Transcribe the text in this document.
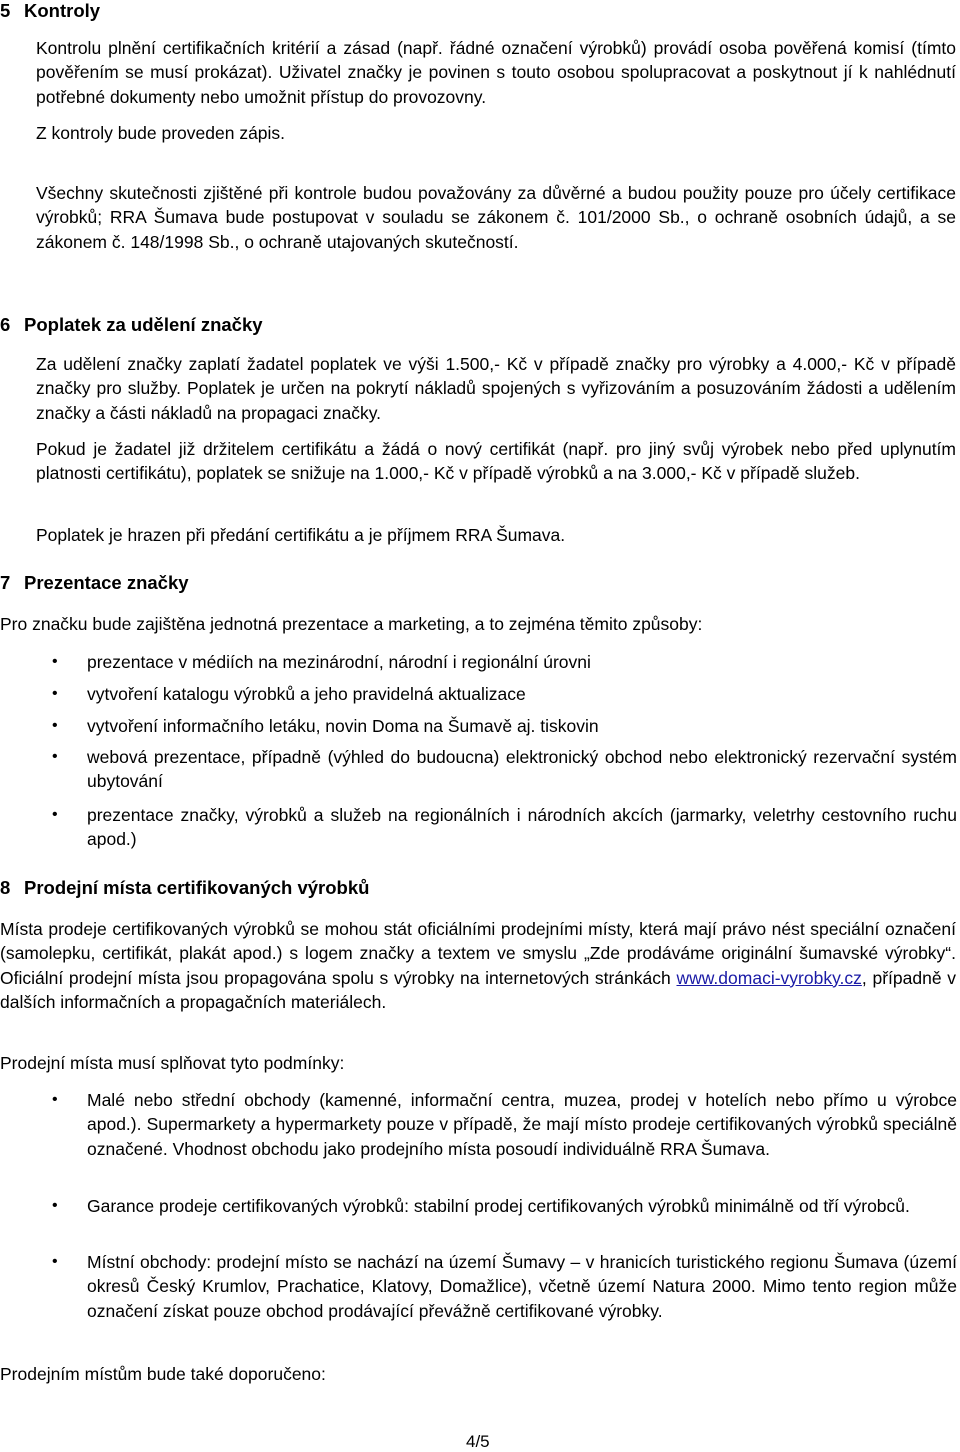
5 Kontroly

Kontrolu plnění certifikačních kritérií a zásad (např. řádné označení výrobků) provádí osoba pověřená komisí (tímto pověřením se musí prokázat). Uživatel značky je povinen s touto osobou spolupracovat a poskytnout jí k nahlédnutí potřebné dokumenty nebo umožnit přístup do provozovny.

Z kontroly bude proveden zápis.

Všechny skutečnosti zjištěné při kontrole budou považovány za důvěrné a budou použity pouze pro účely certifikace výrobků; RRA Šumava bude postupovat v souladu se zákonem č. 101/2000 Sb., o ochraně osobních údajů, a se zákonem č. 148/1998 Sb., o ochraně utajovaných skutečností.

6 Poplatek za udělení značky

Za udělení značky zaplatí žadatel poplatek ve výši 1.500,- Kč v případě značky pro výrobky a 4.000,- Kč v případě značky pro služby. Poplatek je určen na pokrytí nákladů spojených s vyřizováním a posuzováním žádosti a udělením značky a části nákladů na propagaci značky.

Pokud je žadatel již držitelem certifikátu a žádá o nový certifikát (např. pro jiný svůj výrobek nebo před uplynutím platnosti certifikátu), poplatek se snižuje na 1.000,- Kč v případě výrobků a na 3.000,- Kč v případě služeb.

Poplatek je hrazen při předání certifikátu a je příjmem RRA Šumava.

7 Prezentace značky

Pro značku bude zajištěna jednotná prezentace a marketing, a to zejména těmito způsoby:

• prezentace v médiích na mezinárodní, národní i regionální úrovni

• vytvoření katalogu výrobků a jeho pravidelná aktualizace

• vytvoření informačního letáku, novin Doma na Šumavě aj. tiskovin

• webová prezentace, případně (výhled do budoucna) elektronický obchod nebo elektronický rezervační systém ubytování

• prezentace značky, výrobků a služeb na regionálních i národních akcích (jarmarky, veletrhy cestovního ruchu apod.)

8 Prodejní místa certifikovaných výrobků

Místa prodeje certifikovaných výrobků se mohou stát oficiálními prodejními místy, která mají právo nést speciální označení (samolepku, certifikát, plakát apod.) s logem značky a textem ve smyslu „Zde prodáváme originální šumavské výrobky“. Oficiální prodejní místa jsou propagována spolu s výrobky na internetových stránkách www.domaci-vyrobky.cz, případně v dalších informačních a propagačních materiálech.

Prodejní místa musí splňovat tyto podmínky:

• Malé nebo střední obchody (kamenné, informační centra, muzea, prodej v hotelích nebo přímo u výrobce apod.). Supermarkety a hypermarkety pouze v případě, že mají místo prodeje certifikovaných výrobků speciálně označené. Vhodnost obchodu jako prodejního místa posoudí individuálně RRA Šumava.

• Garance prodeje certifikovaných výrobků: stabilní prodej certifikovaných výrobků minimálně od tří výrobců.

• Místní obchody: prodejní místo se nachází na území Šumavy – v hranicích turistického regionu Šumava (území okresů Český Krumlov, Prachatice, Klatovy, Domažlice), včetně území Natura 2000. Mimo tento region může označení získat pouze obchod prodávající převážně certifikované výrobky.

Prodejním místům bude také doporučeno:

4/5
